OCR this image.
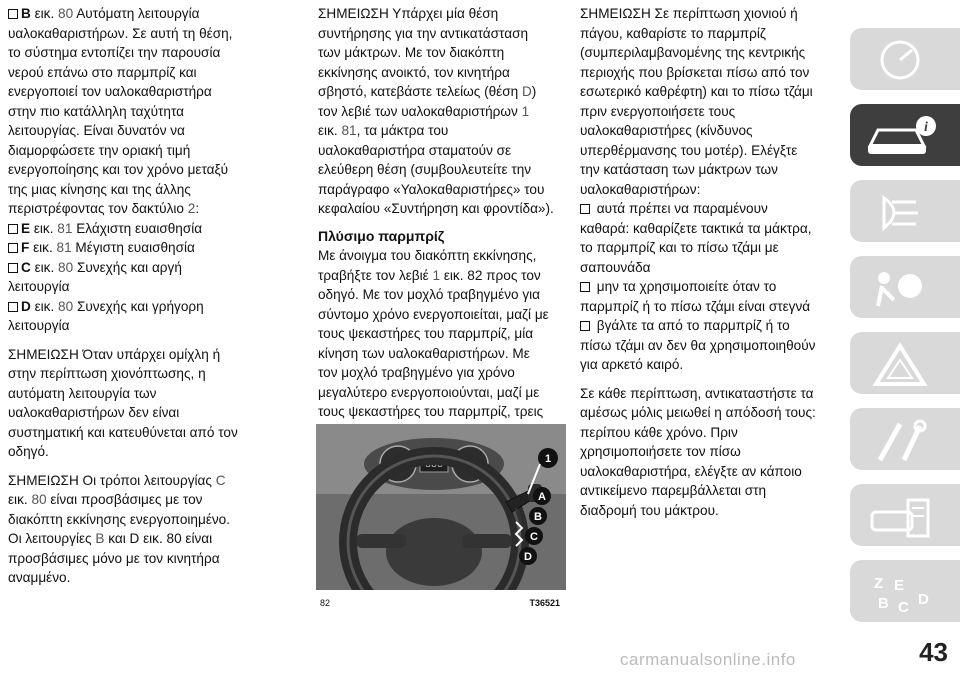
B εικ. 80 Αυτόματη λειτουργία
υαλοκαθαριστήρων. Σε αυτή τη θέση,
το σύστημα εντοπίζει την παρουσία
νερού επάνω στο παρμπρίζ και
ενεργοποιεί τον υαλοκαθαριστήρα
στην πιο κατάλληλη ταχύτητα
λειτουργίας. Είναι δυνατόν να
διαμορφώσετε την οριακή τιμή
ενεργοποίησης και τον χρόνο μεταξύ
της μιας κίνησης και της άλλης
περιστρέφοντας τον δακτύλιο 2:
E εικ. 81 Ελάχιστη ευαισθησία
F εικ. 81 Μέγιστη ευαισθησία
C εικ. 80 Συνεχής και αργή
λειτουργία
D εικ. 80 Συνεχής και γρήγορη
λειτουργία
ΣΗΜΕΙΩΣΗ Όταν υπάρχει ομίχλη ή
στην περίπτωση χιονόπτωσης, η
αυτόματη λειτουργία των
υαλοκαθαριστήρων δεν είναι
συστηματική και κατευθύνεται από τον
οδηγό.
ΣΗΜΕΙΩΣΗ Οι τρόποι λειτουργίας C
εικ. 80 είναι προσβάσιμες με τον
διακόπτη εκκίνησης ενεργοποιημένο.
Οι λειτουργίες B και D εικ. 80 είναι
προσβάσιμες μόνο με τον κινητήρα
αναμμένο.
ΣΗΜΕΙΩΣΗ Υπάρχει μία θέση
συντήρησης για την αντικατάσταση
των μάκτρων. Με τον διακόπτη
εκκίνησης ανοικτό, τον κινητήρα
σβηστό, κατεβάστε τελείως (θέση D)
τον λεβιέ των υαλοκαθαριστήρων 1
εικ. 81, τα μάκτρα του
υαλοκαθαριστήρα σταματούν σε
ελεύθερη θέση (συμβουλευτείτε την
παράγραφο «Υαλοκαθαριστήρες» του
κεφαλαίου «Συντήρηση και φροντίδα»).
Πλύσιμο παρμπρίζ
Με άνοιγμα του διακόπτη εκκίνησης,
τραβήξτε τον λεβιέ 1 εικ. 82 προς τον
οδηγό. Με τον μοχλό τραβηγμένο για
σύντομο χρόνο ενεργοποιείται, μαζί με
τους ψεκαστήρες του παρμπρίζ, μία
κίνηση των υαλοκαθαριστήρων. Με
τον μοχλό τραβηγμένο για χρόνο
μεγαλύτερο ενεργοποιούνται, μαζί με
τους ψεκαστήρες του παρμπρίζ, τρεις
ΣΗΜΕΙΩΣΗ Σε περίπτωση χιονιού ή
πάγου, καθαρίστε το παρμπρίζ
(συμπεριλαμβανομένης της κεντρικής
περιοχής που βρίσκεται πίσω από τον
εσωτερικό καθρέφτη) και το πίσω τζάμι
πριν ενεργοποιήσετε τους
υαλοκαθαριστήρες (κίνδυνος
υπερθέρμανσης του μοτέρ). Ελέγξτε
την κατάσταση των μάκτρων των
υαλοκαθαριστήρων:
αυτά πρέπει να παραμένουν
καθαρά: καθαρίζετε τακτικά τα μάκτρα,
το παρμπρίζ και το πίσω τζάμι με
σαπουνάδα
μην τα χρησιμοποιείτε όταν το
παρμπρίζ ή το πίσω τζάμι είναι στεγνά
βγάλτε τα από το παρμπρίζ ή το
πίσω τζάμι αν δεν θα χρησιμοποιηθούν
για αρκετό καιρό.
Σε κάθε περίπτωση, αντικαταστήστε τα
αμέσως μόλις μειωθεί η απόδοσή τους:
περίπου κάθε χρόνο. Πριν
χρησιμοποιήσετε τον πίσω
υαλοκαθαριστήρα, ελέγξτε αν κάποιο
αντικείμενο παρεμβάλλεται στη
διαδρομή του μάκτρου.
888
1
A
B
C
D
82	T36521
i
Z E
B C D
43
carmanualsonline.info
